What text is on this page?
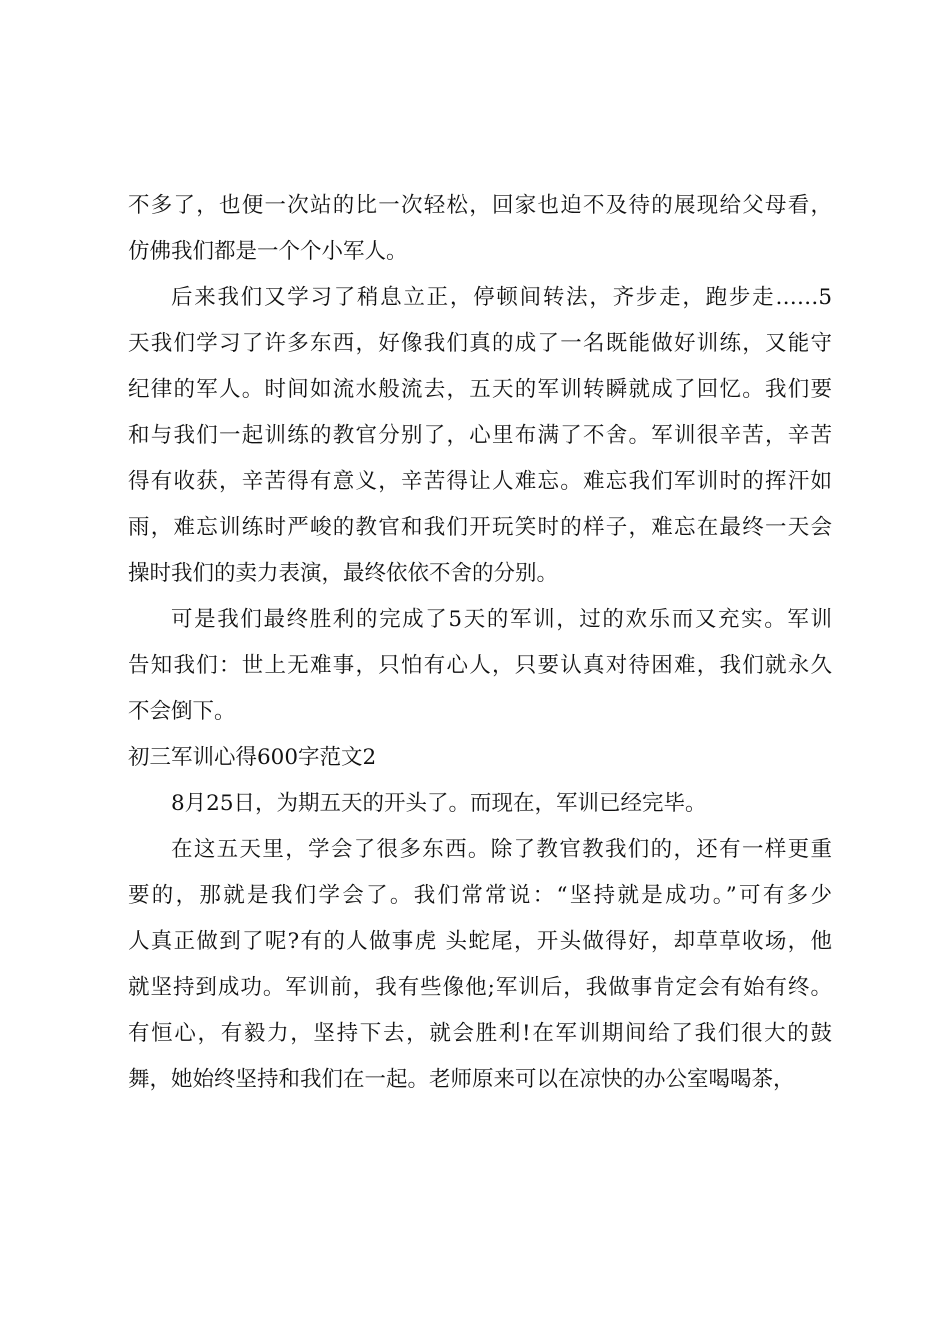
不多了，也便一次站的比一次轻松，回家也迫不及待的展现给父母看，
仿佛我们都是一个个小军人。
后来我们又学习了稍息立正，停顿间转法，齐步走，跑步走……5
天我们学习了许多东西，好像我们真的成了一名既能做好训练，又能守
纪律的军人。时间如流水般流去，五天的军训转瞬就成了回忆。我们要
和与我们一起训练的教官分别了，心里布满了不舍。军训很辛苦，辛苦
得有收获，辛苦得有意义，辛苦得让人难忘。难忘我们军训时的挥汗如
雨，难忘训练时严峻的教官和我们开玩笑时的样子，难忘在最终一天会
操时我们的卖力表演，最终依依不舍的分别。
可是我们最终胜利的完成了5天的军训，过的欢乐而又充实。军训
告知我们：世上无难事，只怕有心人，只要认真对待困难，我们就永久
不会倒下。
初三军训心得600字范文2
8月25日，为期五天的开头了。而现在，军训已经完毕。
在这五天里，学会了很多东西。除了教官教我们的，还有一样更重
要的，那就是我们学会了。我们常常说：“坚持就是成功。”可有多少
人真正做到了呢?有的人做事虎 头蛇尾，开头做得好，却草草收场，他
就坚持到成功。军训前，我有些像他;军训后，我做事肯定会有始有终。
有恒心，有毅力，坚持下去，就会胜利!在军训期间给了我们很大的鼓
舞，她始终坚持和我们在一起。老师原来可以在凉快的办公室喝喝茶，
